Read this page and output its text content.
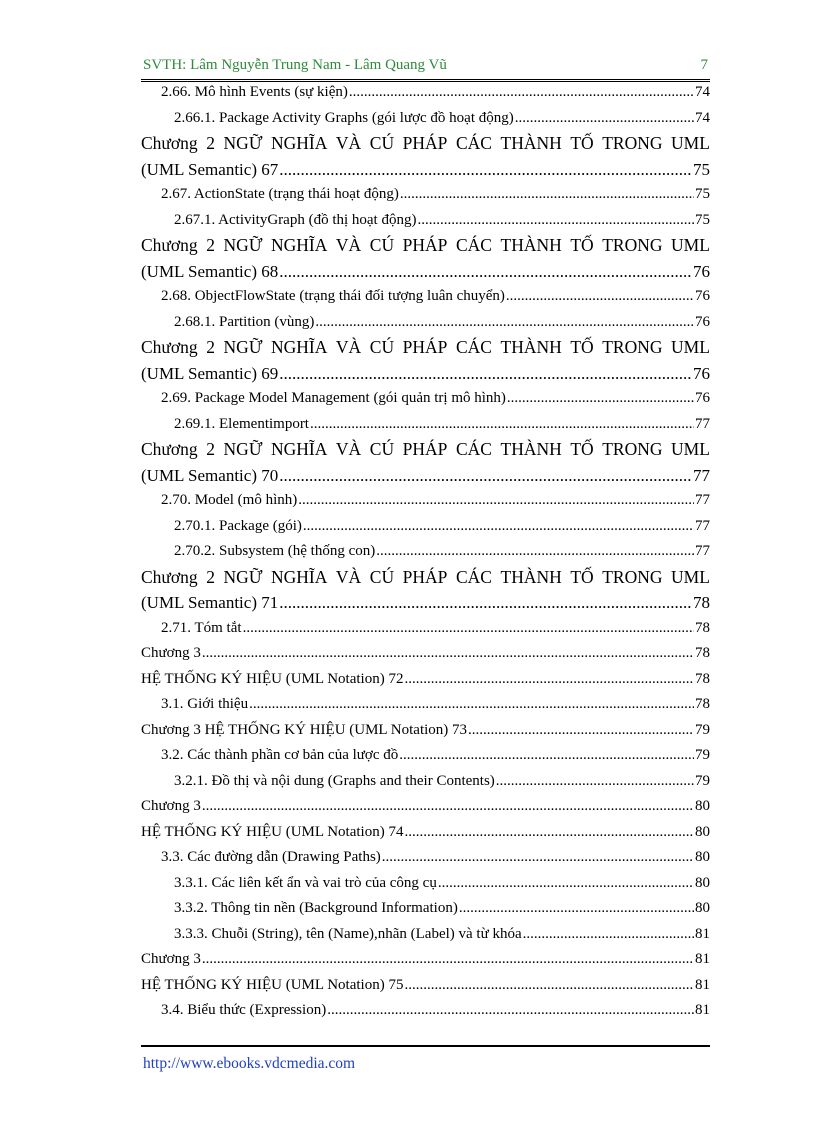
SVTH: Lâm Nguyễn Trung Nam - Lâm Quang Vũ	7
2.66. Mô hình Events (sự kiện) .....	74
2.66.1. Package Activity Graphs (gói lược đồ hoạt động) .....	74
Chương 2 NGỮ NGHĨA VÀ CÚ PHÁP CÁC THÀNH TỐ TRONG UML
(UML Semantic) 67 .....	75
2.67. ActionState (trạng thái hoạt động) .....	75
2.67.1. ActivityGraph (đồ thị hoạt động) .....	75
Chương 2 NGỮ NGHĨA VÀ CÚ PHÁP CÁC THÀNH TỐ TRONG UML
(UML Semantic) 68 .....	76
2.68. ObjectFlowState (trạng thái đối tượng luân chuyển) .....	76
2.68.1. Partition (vùng) .....	76
Chương 2 NGỮ NGHĨA VÀ CÚ PHÁP CÁC THÀNH TỐ TRONG UML
(UML Semantic) 69 .....	76
2.69. Package Model Management (gói quản trị mô hình) .....	76
2.69.1. Elementimport .....	77
Chương 2 NGỮ NGHĨA VÀ CÚ PHÁP CÁC THÀNH TỐ TRONG UML
(UML Semantic) 70 .....	77
2.70. Model (mô hình) .....	77
2.70.1. Package (gói) .....	77
2.70.2. Subsystem (hệ thống con) .....	77
Chương 2 NGỮ NGHĨA VÀ CÚ PHÁP CÁC THÀNH TỐ TRONG UML
(UML Semantic) 71 .....	78
2.71. Tóm tắt .....	78
Chương 3 .....	78
HỆ THỐNG KÝ HIỆU (UML Notation) 72 .....	78
3.1. Giới thiệu .....	78
Chương 3 HỆ THỐNG KÝ HIỆU (UML Notation) 73 .....	79
3.2. Các thành phần cơ bản của lược đồ .....	79
3.2.1. Đồ thị và nội dung (Graphs and their Contents) .....	79
Chương 3 .....	80
HỆ THỐNG KÝ HIỆU (UML Notation) 74 .....	80
3.3. Các đường dẫn (Drawing Paths) .....	80
3.3.1. Các liên kết ẩn và vai trò của công cụ .....	80
3.3.2. Thông tin nền (Background Information) .....	80
3.3.3. Chuỗi (String), tên (Name),nhãn (Label) và từ khóa .....	81
Chương 3 .....	81
HỆ THỐNG KÝ HIỆU (UML Notation) 75 .....	81
3.4. Biểu thức (Expression) .....	81
http://www.ebooks.vdcmedia.com
